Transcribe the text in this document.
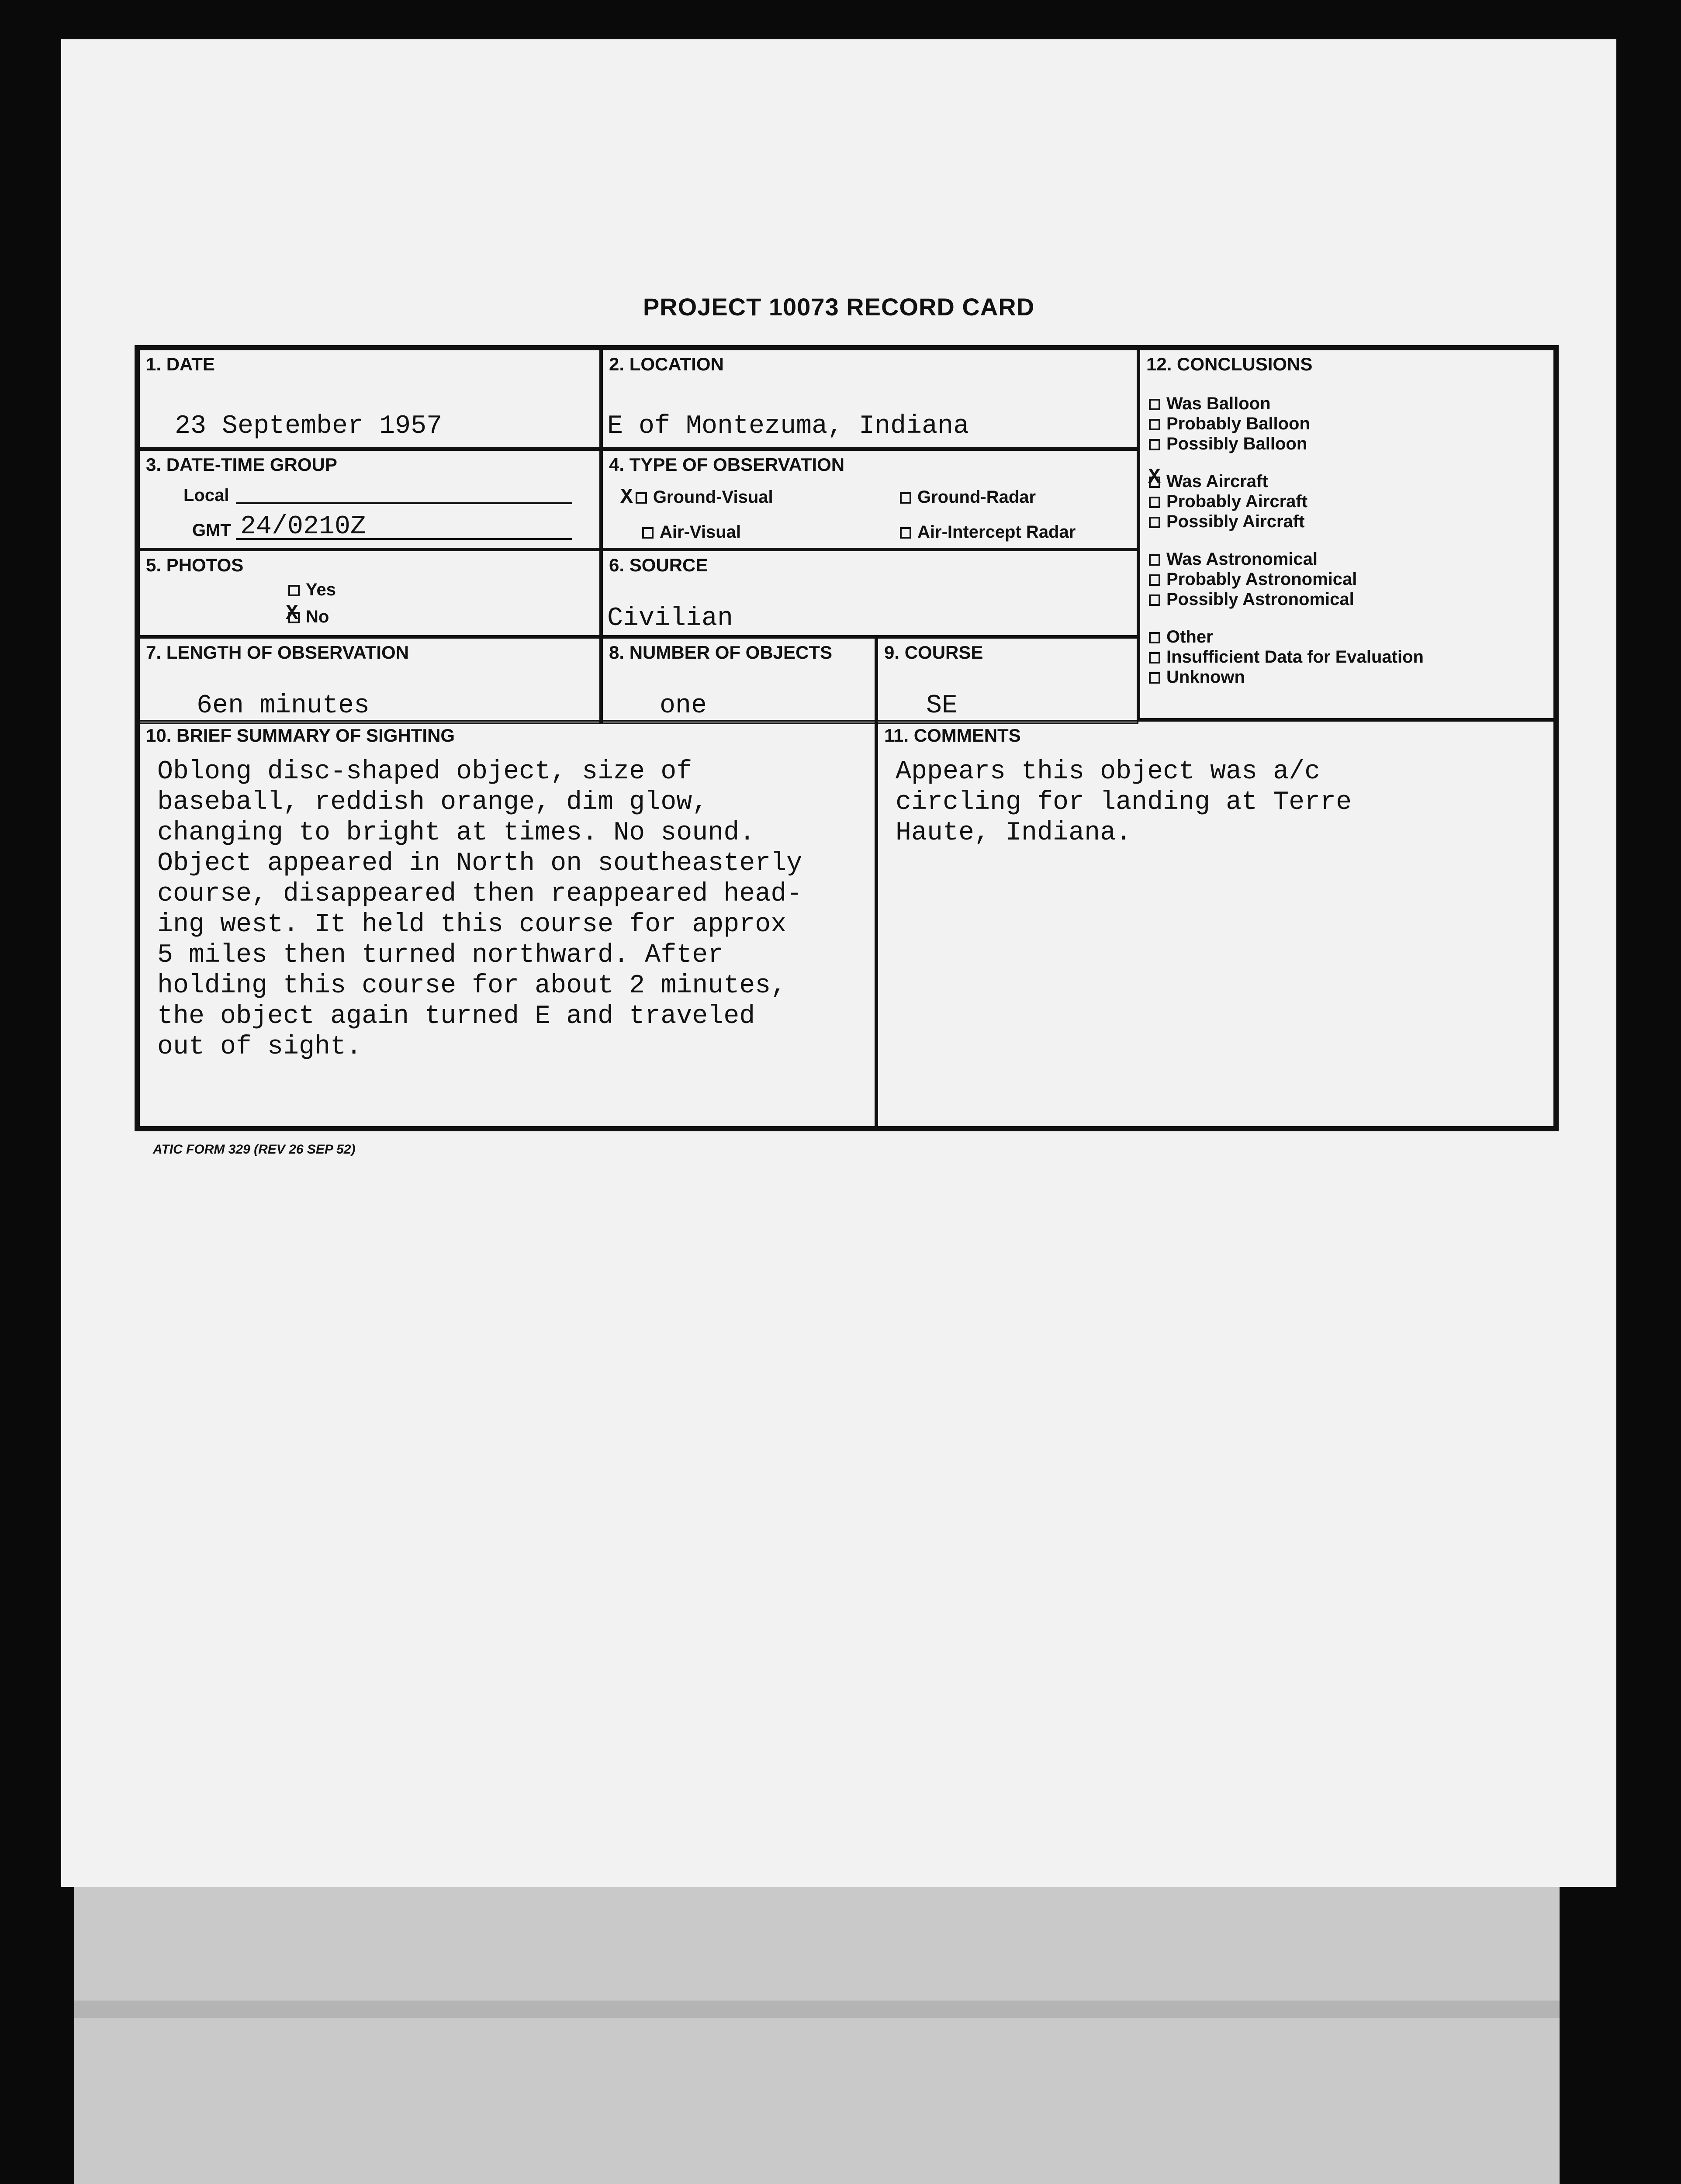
PROJECT 10073 RECORD CARD
1. DATE
23 September 1957
2. LOCATION
E of Montezuma, Indiana
3. DATE-TIME GROUP
Local
GMT 24/0210Z
4. TYPE OF OBSERVATION
X Ground-Visual	Ground-Radar
Air-Visual	Air-Intercept Radar
5. PHOTOS
Yes
No
X
6. SOURCE
Civilian
7. LENGTH OF OBSERVATION
6en minutes
8. NUMBER OF OBJECTS
one
9. COURSE
SE
12. CONCLUSIONS
Was Balloon
Probably Balloon
Possibly Balloon
X Was Aircraft
Probably Aircraft
Possibly Aircraft
Was Astronomical
Probably Astronomical
Possibly Astronomical
Other
Insufficient Data for Evaluation
Unknown
10. BRIEF SUMMARY OF SIGHTING
Oblong disc-shaped object, size of
baseball, reddish orange, dim glow,
changing to bright at times. No sound.
Object appeared in North on southeasterly
course, disappeared then reappeared head-
ing west. It held this course for approx
5 miles then turned northward. After
holding this course for about 2 minutes,
the object again turned E and traveled
out of sight.
11. COMMENTS
Appears this object was a/c
circling for landing at Terre
Haute, Indiana.
ATIC FORM 329 (REV 26 SEP 52)
